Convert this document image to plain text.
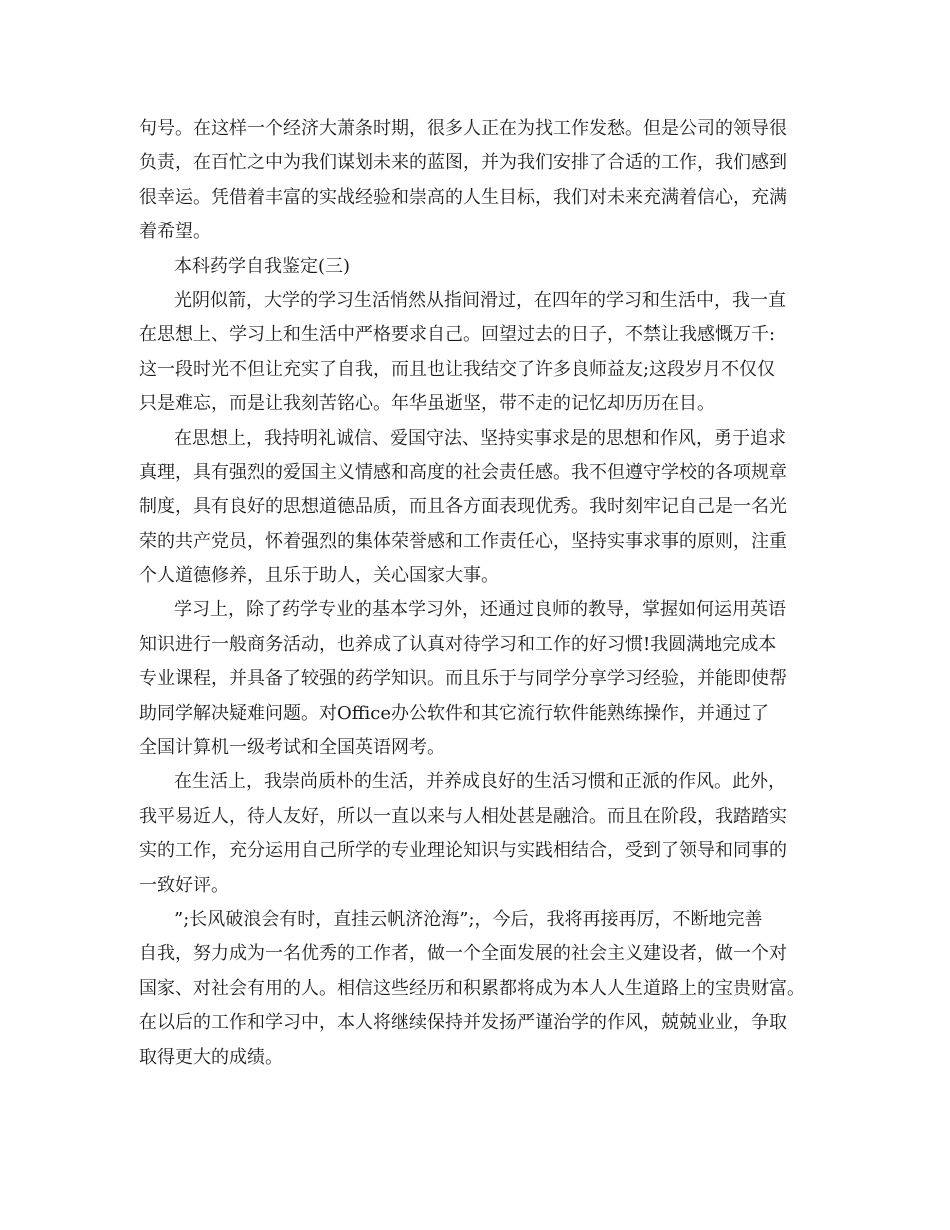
句号。在这样一个经济大萧条时期，很多人正在为找工作发愁。但是公司的领导很
负责，在百忙之中为我们谋划未来的蓝图，并为我们安排了合适的工作，我们感到
很幸运。凭借着丰富的实战经验和崇高的人生目标，我们对未来充满着信心，充满
着希望。
本科药学自我鉴定(三)
光阴似箭，大学的学习生活悄然从指间滑过，在四年的学习和生活中，我一直
在思想上、学习上和生活中严格要求自己。回望过去的日子，不禁让我感慨万千:
这一段时光不但让充实了自我，而且也让我结交了许多良师益友;这段岁月不仅仅
只是难忘，而是让我刻苦铭心。年华虽逝坚，带不走的记忆却历历在目。
在思想上，我持明礼诚信、爱国守法、坚持实事求是的思想和作风，勇于追求
真理，具有强烈的爱国主义情感和高度的社会责任感。我不但遵守学校的各项规章
制度，具有良好的思想道德品质，而且各方面表现优秀。我时刻牢记自己是一名光
荣的共产党员，怀着强烈的集体荣誉感和工作责任心，坚持实事求事的原则，注重
个人道德修养，且乐于助人，关心国家大事。
学习上，除了药学专业的基本学习外，还通过良师的教导，掌握如何运用英语
知识进行一般商务活动，也养成了认真对待学习和工作的好习惯!我圆满地完成本
专业课程，并具备了较强的药学知识。而且乐于与同学分享学习经验，并能即使帮
助同学解决疑难问题。对Office办公软件和其它流行软件能熟练操作，并通过了
全国计算机一级考试和全国英语网考。
在生活上，我崇尚质朴的生活，并养成良好的生活习惯和正派的作风。此外，
我平易近人，待人友好，所以一直以来与人相处甚是融洽。而且在阶段，我踏踏实
实的工作，充分运用自己所学的专业理论知识与实践相结合，受到了领导和同事的
一致好评。
”;长风破浪会有时，直挂云帆济沧海”;，今后，我将再接再厉，不断地完善
自我，努力成为一名优秀的工作者，做一个全面发展的社会主义建设者，做一个对
国家、对社会有用的人。相信这些经历和积累都将成为本人人生道路上的宝贵财富。
在以后的工作和学习中，本人将继续保持并发扬严谨治学的作风，兢兢业业，争取
取得更大的成绩。
